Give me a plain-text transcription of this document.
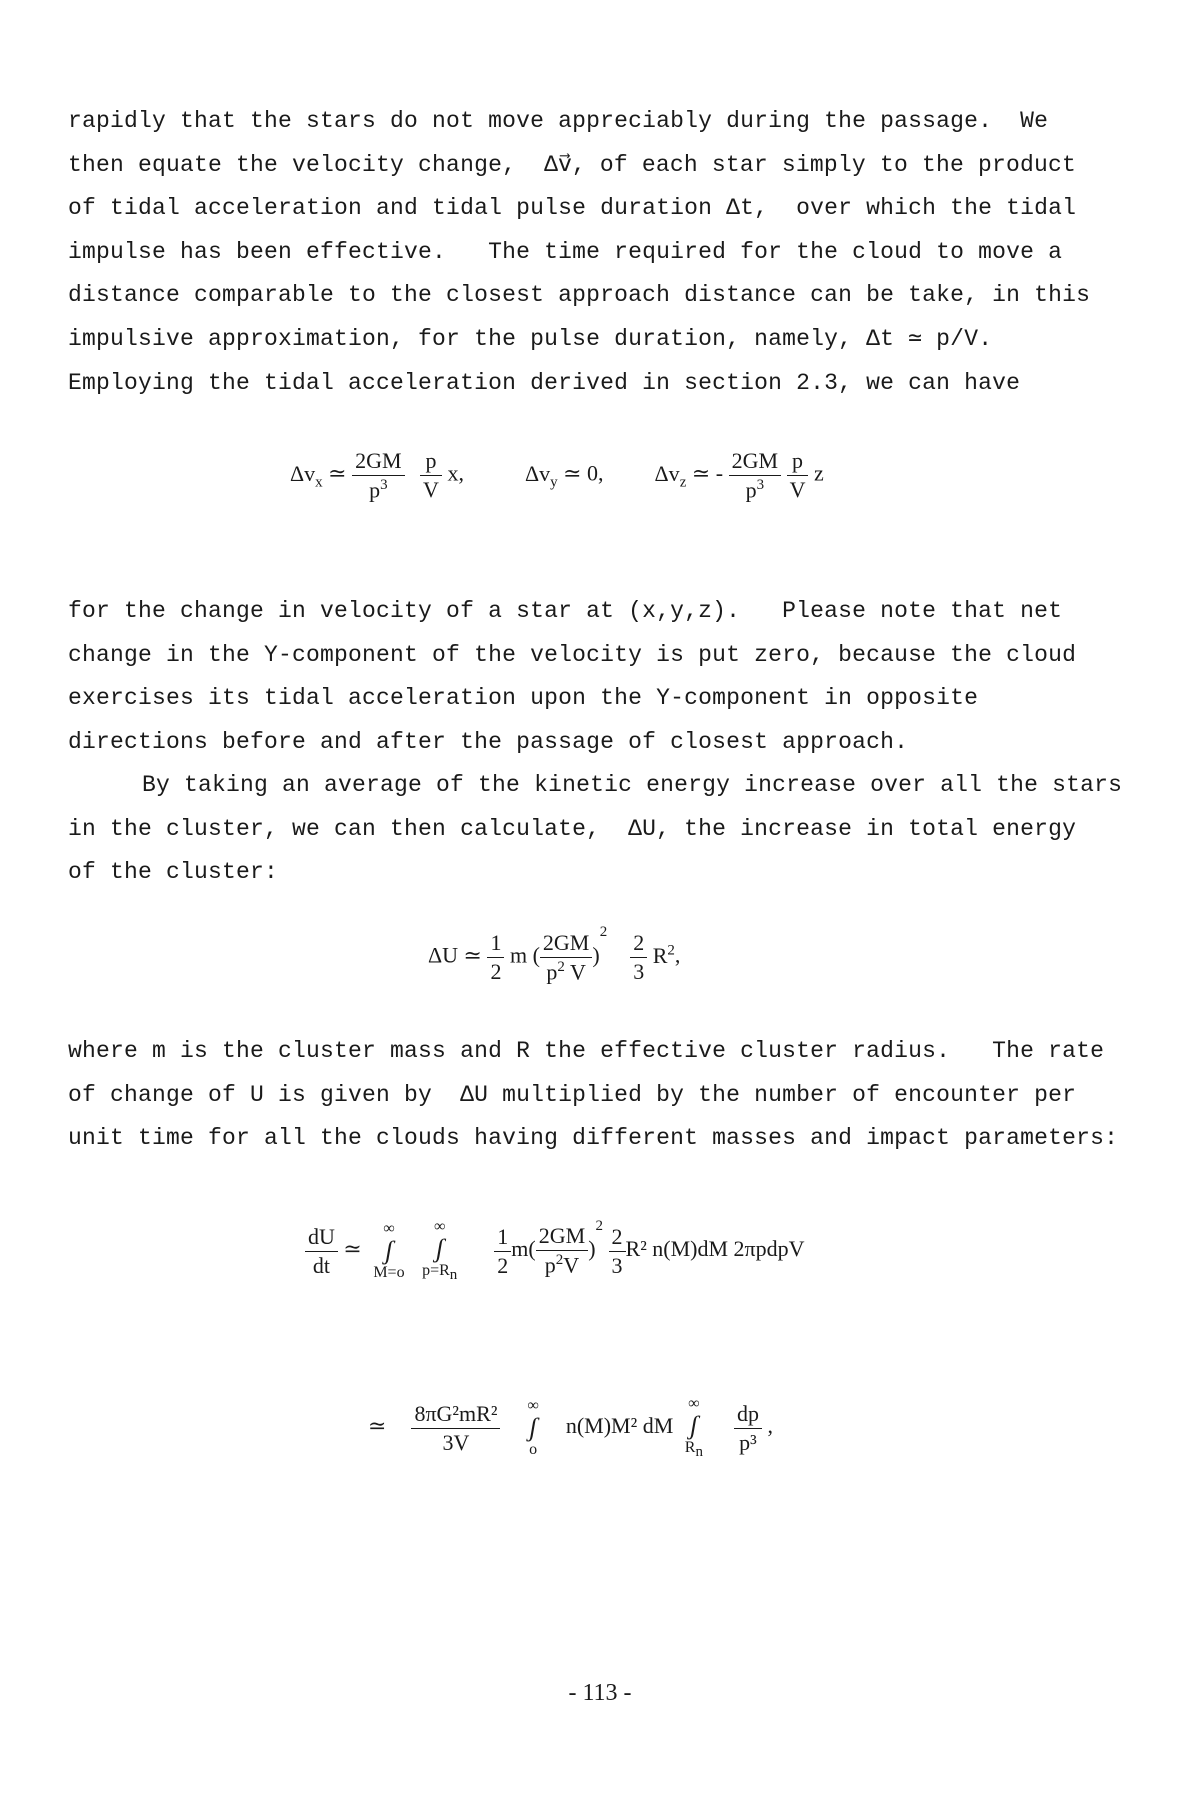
rapidly that the stars do not move appreciably during the passage.  We
then equate the velocity change,  Δv⃗, of each star simply to the product
of tidal acceleration and tidal pulse duration Δt,  over which the tidal
impulse has been effective.   The time required for the cloud to move a
distance comparable to the closest approach distance can be take, in this
impulsive approximation, for the pulse duration, namely, Δt ≃ p/V.
Employing the tidal acceleration derived in section 2.3, we can have
$\Delta v_x$ ≃ $\frac{2GM}{p^3}$
$\frac{p}{V} x$,	$\Delta v_y$ ≃ 0, $\Delta v_z$ ≃ - $\frac{2GM}{p^3}$
$\frac{p}{V}$ z
for the change in velocity of a star at (x,y,z).   Please note that net
change in the Y-component of the velocity is put zero, because the cloud
exercises its tidal acceleration upon the Y-component in opposite
directions before and after the passage of closest approach.
By taking an average of the kinetic energy increase over all the stars
in the cluster, we can then calculate,  ΔU, the increase in total energy
of the cluster:
ΔU ≃ $\frac{1}{2}$ m ( $\frac{2GM}{p^2 V} )^2 \frac{2}{3} R^2$,
where m is the cluster mass and R the effective cluster radius.   The rate
of change of U is given by  ΔU multiplied by the number of encounter per
unit time for all the clouds having different masses and impact parameters:
$\frac{dU}{dt}$ ≃
∞
ʃ
M=o

∞
ʃ
$p=R_n$
$\frac{1}{2} m( \frac{2GM}{p^2V} )^2 \frac{2}{3} R^2$ n(M)dM 2πpdpV
≃ $\frac{\text{8πG²mR²}}{3V}$
∞
ʃ
o
n(M)M² dM
∞
ʃ
$R_n$
$\frac{dp}{\text{p³}}$ ,
- 113 -
